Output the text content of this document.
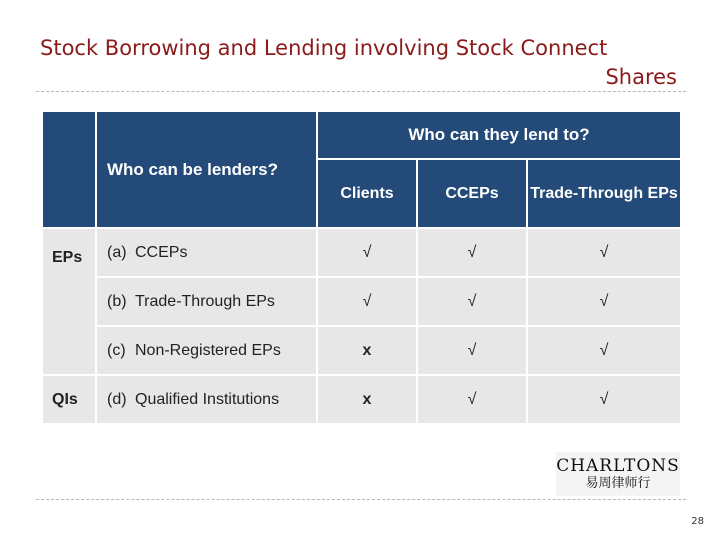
Stock Borrowing and Lending involving Stock Connect
Shares
	Who can be lenders?	Who can they lend to?		
		Clients	CCEPs	Trade-Through EPs
EPs	(a) CCEPs	√	√	√
	(b) Trade-Through EPs	√	√	√
	(c) Non-Registered EPs	x	√	√
QIs	(d) Qualified Institutions	x	√	√
CHARLTONS
易周律师行
28
